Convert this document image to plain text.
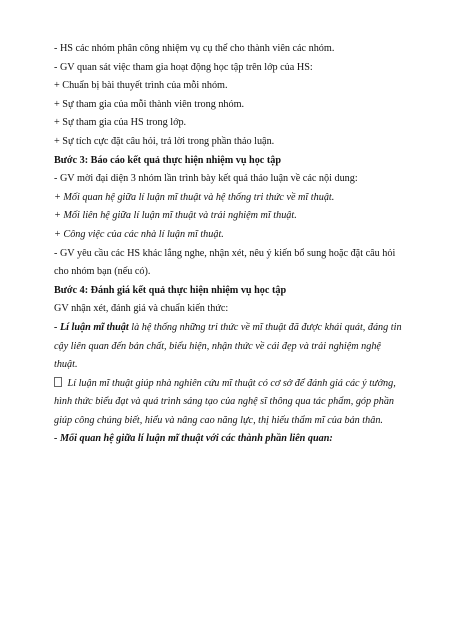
- HS các nhóm phân công nhiệm vụ cụ thể cho thành viên các nhóm.
- GV quan sát việc tham gia hoạt động học tập trên lớp của HS:
+ Chuẩn bị bài thuyết trình của mỗi nhóm.
+ Sự tham gia của mỗi thành viên trong nhóm.
+ Sự tham gia của HS trong lớp.
+ Sự tích cực đặt câu hỏi, trả lời trong phần thảo luận.
Bước 3: Báo cáo kết quả thực hiện nhiệm vụ học tập
- GV mời đại diện 3 nhóm lần trình bày kết quả thảo luận về các nội dung:
+ Mối quan hệ giữa lí luận mĩ thuật và hệ thống tri thức về mĩ thuật.
+ Mối liên hệ giữa lí luận mĩ thuật và trải nghiệm mĩ thuật.
+ Công việc của các nhà lí luận mĩ thuật.
- GV yêu cầu các HS khác lắng nghe, nhận xét, nêu ý kiến bổ sung hoặc đặt câu hỏi cho nhóm bạn (nếu có).
Bước 4: Đánh giá kết quả thực hiện nhiệm vụ học tập
GV nhận xét, đánh giá và chuẩn kiến thức:
- Lí luận mĩ thuật là hệ thống những tri thức về mĩ thuật đã được khái quát, đáng tin cậy liên quan đến bản chất, biểu hiện, nhận thức về cái đẹp và trải nghiệm nghệ thuật.
Lí luận mĩ thuật giúp nhà nghiên cứu mĩ thuật có cơ sở để đánh giá các ý tưởng, hình thức biểu đạt và quá trình sáng tạo của nghệ sĩ thông qua tác phẩm, góp phần giúp công chúng biết, hiểu và nâng cao năng lực, thị hiếu thẩm mĩ của bản thân.
- Mối quan hệ giữa lí luận mĩ thuật với các thành phần liên quan:
